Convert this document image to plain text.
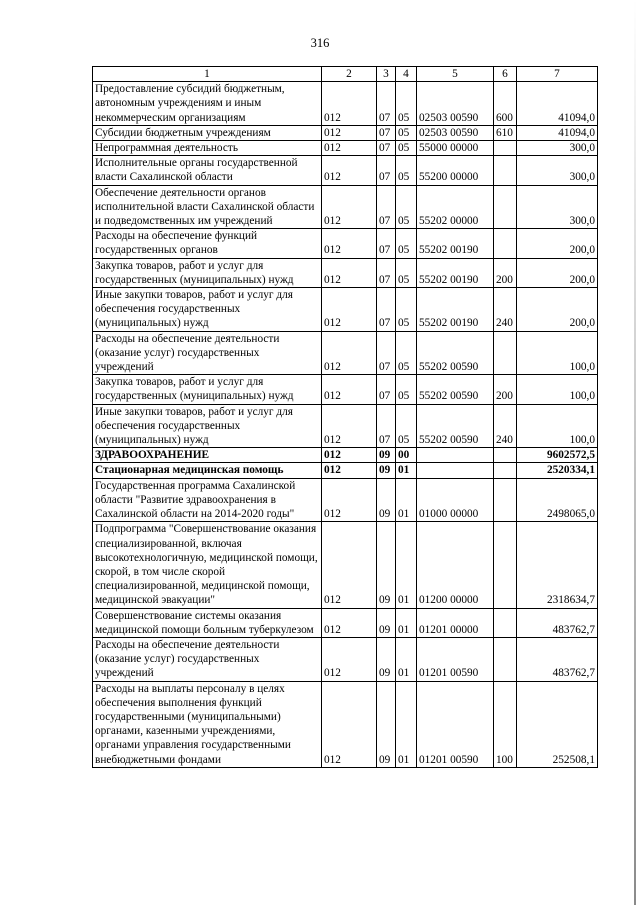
316
1	2	3	4	5	6	7
Предоставление субсидий бюджетным, автономным учреждениям и иным некоммерческим организациям	012	07	05	02503 00590	600	41094,0
Субсидии бюджетным учреждениям	012	07	05	02503 00590	610	41094,0
Непрограммная деятельность	012	07	05	55000 00000		300,0
Исполнительные органы государственной власти Сахалинской области	012	07	05	55200 00000		300,0
Обеспечение деятельности органов исполнительной власти Сахалинской области и подведомственных им учреждений	012	07	05	55202 00000		300,0
Расходы на обеспечение функций государственных органов	012	07	05	55202 00190		200,0
Закупка товаров, работ и услуг для государственных (муниципальных) нужд	012	07	05	55202 00190	200	200,0
Иные закупки товаров, работ и услуг для обеспечения государственных (муниципальных) нужд	012	07	05	55202 00190	240	200,0
Расходы на обеспечение деятельности (оказание услуг) государственных учреждений	012	07	05	55202 00590		100,0
Закупка товаров, работ и услуг для государственных (муниципальных) нужд	012	07	05	55202 00590	200	100,0
Иные закупки товаров, работ и услуг для обеспечения государственных (муниципальных) нужд	012	07	05	55202 00590	240	100,0
ЗДРАВООХРАНЕНИЕ	012	09	00			9602572,5
Стационарная медицинская помощь	012	09	01			2520334,1
Государственная программа Сахалинской области "Развитие здравоохранения в Сахалинской области на 2014-2020 годы"	012	09	01	01000 00000		2498065,0
Подпрограмма "Совершенствование оказания специализированной, включая высокотехнологичную, медицинской помощи, скорой, в том числе скорой специализированной, медицинской помощи, медицинской эвакуации"	012	09	01	01200 00000		2318634,7
Совершенствование системы оказания медицинской помощи больным туберкулезом	012	09	01	01201 00000		483762,7
Расходы на обеспечение деятельности (оказание услуг) государственных учреждений	012	09	01	01201 00590		483762,7
Расходы на выплаты персоналу в целях обеспечения выполнения функций государственными (муниципальными) органами, казенными учреждениями, органами управления государственными внебюджетными фондами	012	09	01	01201 00590	100	252508,1
